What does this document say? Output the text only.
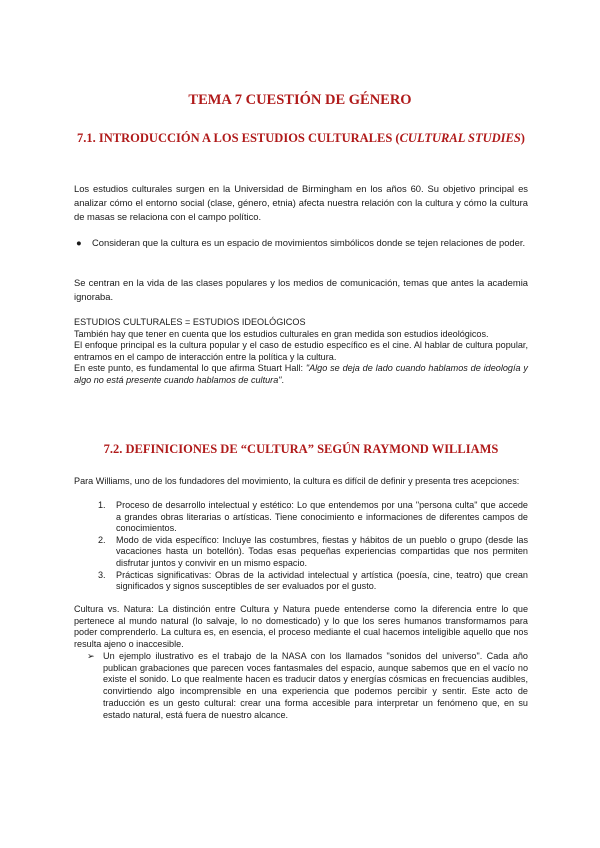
TEMA 7 CUESTIÓN DE GÉNERO
7.1. INTRODUCCIÓN A LOS ESTUDIOS CULTURALES (CULTURAL STUDIES)

Los estudios culturales surgen en la Universidad de Birmingham en los años 60. Su objetivo principal es analizar cómo el entorno social (clase, género, etnia) afecta nuestra relación con la cultura y cómo la cultura de masas se relaciona con el campo político.

● Consideran que la cultura es un espacio de movimientos simbólicos donde se tejen relaciones de poder.

Se centran en la vida de las clases populares y los medios de comunicación, temas que antes la academia ignoraba.

ESTUDIOS CULTURALES = ESTUDIOS IDEOLÓGICOS

También hay que tener en cuenta que los estudios culturales en gran medida son estudios ideológicos.

El enfoque principal es la cultura popular y el caso de estudio específico es el cine. Al hablar de cultura popular, entramos en el campo de interacción entre la política y la cultura.

En este punto, es fundamental lo que afirma Stuart Hall: "Algo se deja de lado cuando hablamos de ideología y algo no está presente cuando hablamos de cultura".

7.2. DEFINICIONES DE “CULTURA” SEGÚN RAYMOND WILLIAMS

Para Williams, uno de los fundadores del movimiento, la cultura es difícil de definir y presenta tres acepciones:

1. Proceso de desarrollo intelectual y estético: Lo que entendemos por una "persona culta" que accede a grandes obras literarias o artísticas. Tiene conocimiento e informaciones de diferentes campos de conocimientos.
2. Modo de vida específico: Incluye las costumbres, fiestas y hábitos de un pueblo o grupo (desde las vacaciones hasta un botellón). Todas esas pequeñas experiencias compartidas que nos permiten disfrutar juntos y convivir en un mismo espacio.
3. Prácticas significativas: Obras de la actividad intelectual y artística (poesía, cine, teatro) que crean significados y signos susceptibles de ser evaluados por el gusto.

Cultura vs. Natura: La distinción entre Cultura y Natura puede entenderse como la diferencia entre lo que pertenece al mundo natural (lo salvaje, lo no domesticado) y lo que los seres humanos transformamos para poder comprenderlo. La cultura es, en esencia, el proceso mediante el cual hacemos inteligible aquello que nos resulta ajeno o inaccesible.

➢ Un ejemplo ilustrativo es el trabajo de la NASA con los llamados "sonidos del universo". Cada año publican grabaciones que parecen voces fantasmales del espacio, aunque sabemos que en el vacío no existe el sonido. Lo que realmente hacen es traducir datos y energías cósmicas en frecuencias audibles, convirtiendo algo incomprensible en una experiencia que podemos percibir y sentir. Este acto de traducción es un gesto cultural: crear una forma accesible para interpretar un fenómeno que, en su estado natural, está fuera de nuestro alcance.
